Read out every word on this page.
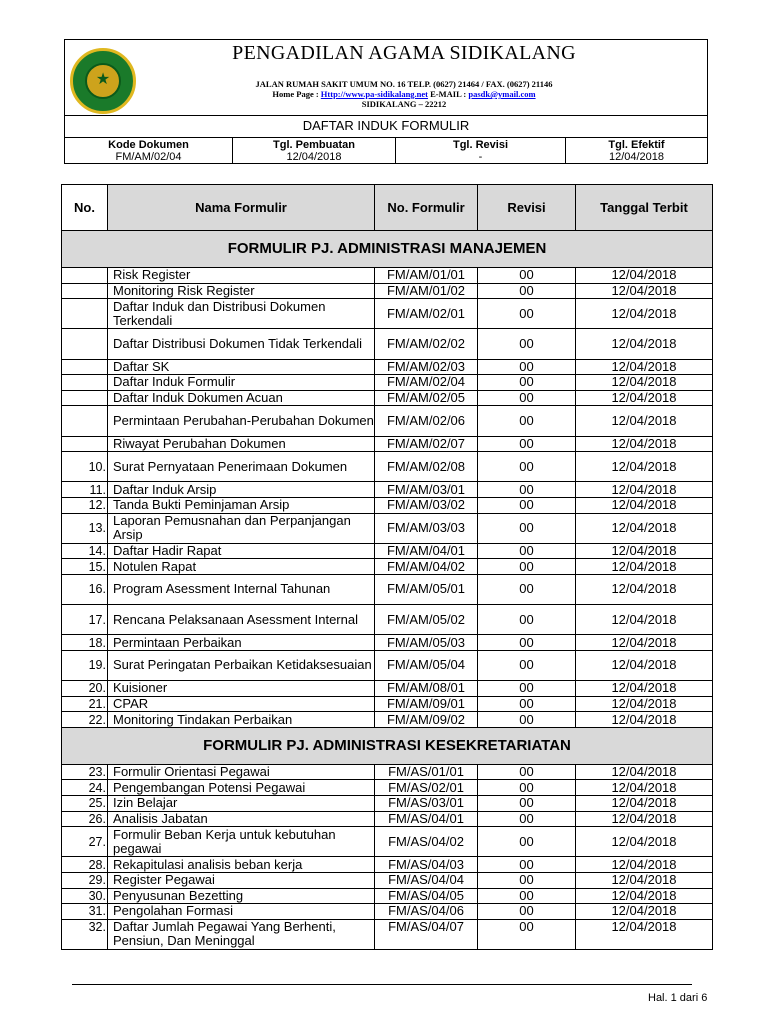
★
PENGADILAN AGAMA SIDIKALANG
JALAN RUMAH SAKIT UMUM NO. 16 TELP. (0627) 21464 / FAX. (0627) 21146
Home Page : Http://www.pa-sidikalang.net E-MAIL : pasdk@ymail.com
SIDIKALANG – 22212
DAFTAR INDUK FORMULIR
Kode Dokumen
FM/AM/02/04
Tgl. Pembuatan
12/04/2018
Tgl. Revisi
-
Tgl. Efektif
12/04/2018
No.	Nama Formulir	No. Formulir	Revisi	Tanggal Terbit
FORMULIR PJ. ADMINISTRASI MANAJEMEN				
	Risk Register	FM/AM/01/01	00	12/04/2018
	Monitoring Risk Register	FM/AM/01/02	00	12/04/2018
	Daftar Induk dan Distribusi Dokumen Terkendali	FM/AM/02/01	00	12/04/2018
	Daftar Distribusi Dokumen Tidak Terkendali	FM/AM/02/02	00	12/04/2018
	Daftar SK	FM/AM/02/03	00	12/04/2018
	Daftar Induk Formulir	FM/AM/02/04	00	12/04/2018
	Daftar Induk Dokumen Acuan	FM/AM/02/05	00	12/04/2018
	Permintaan Perubahan-Perubahan Dokumen	FM/AM/02/06	00	12/04/2018
	Riwayat Perubahan Dokumen	FM/AM/02/07	00	12/04/2018
10.	Surat Pernyataan Penerimaan Dokumen	FM/AM/02/08	00	12/04/2018
11.	Daftar Induk Arsip	FM/AM/03/01	00	12/04/2018
12.	Tanda Bukti Peminjaman Arsip	FM/AM/03/02	00	12/04/2018
13.	Laporan Pemusnahan dan Perpanjangan Arsip	FM/AM/03/03	00	12/04/2018
14.	Daftar Hadir Rapat	FM/AM/04/01	00	12/04/2018
15.	Notulen Rapat	FM/AM/04/02	00	12/04/2018
16.	Program Asessment Internal Tahunan	FM/AM/05/01	00	12/04/2018
17.	Rencana Pelaksanaan Asessment Internal	FM/AM/05/02	00	12/04/2018
18.	Permintaan Perbaikan	FM/AM/05/03	00	12/04/2018
19.	Surat Peringatan Perbaikan Ketidaksesuaian	FM/AM/05/04	00	12/04/2018
20.	Kuisioner	FM/AM/08/01	00	12/04/2018
21.	CPAR	FM/AM/09/01	00	12/04/2018
22.	Monitoring Tindakan Perbaikan	FM/AM/09/02	00	12/04/2018
FORMULIR PJ. ADMINISTRASI KESEKRETARIATAN				
23.	Formulir Orientasi Pegawai	FM/AS/01/01	00	12/04/2018
24.	Pengembangan Potensi Pegawai	FM/AS/02/01	00	12/04/2018
25.	Izin Belajar	FM/AS/03/01	00	12/04/2018
26.	Analisis Jabatan	FM/AS/04/01	00	12/04/2018
27.	Formulir Beban Kerja untuk kebutuhan pegawai	FM/AS/04/02	00	12/04/2018
28.	Rekapitulasi analisis beban kerja	FM/AS/04/03	00	12/04/2018
29.	Register Pegawai	FM/AS/04/04	00	12/04/2018
30.	Penyusunan Bezetting	FM/AS/04/05	00	12/04/2018
31.	Pengolahan Formasi	FM/AS/04/06	00	12/04/2018
32.	Daftar Jumlah Pegawai Yang Berhenti, Pensiun, Dan Meninggal	FM/AS/04/07	00	12/04/2018
Hal. 1 dari 6
